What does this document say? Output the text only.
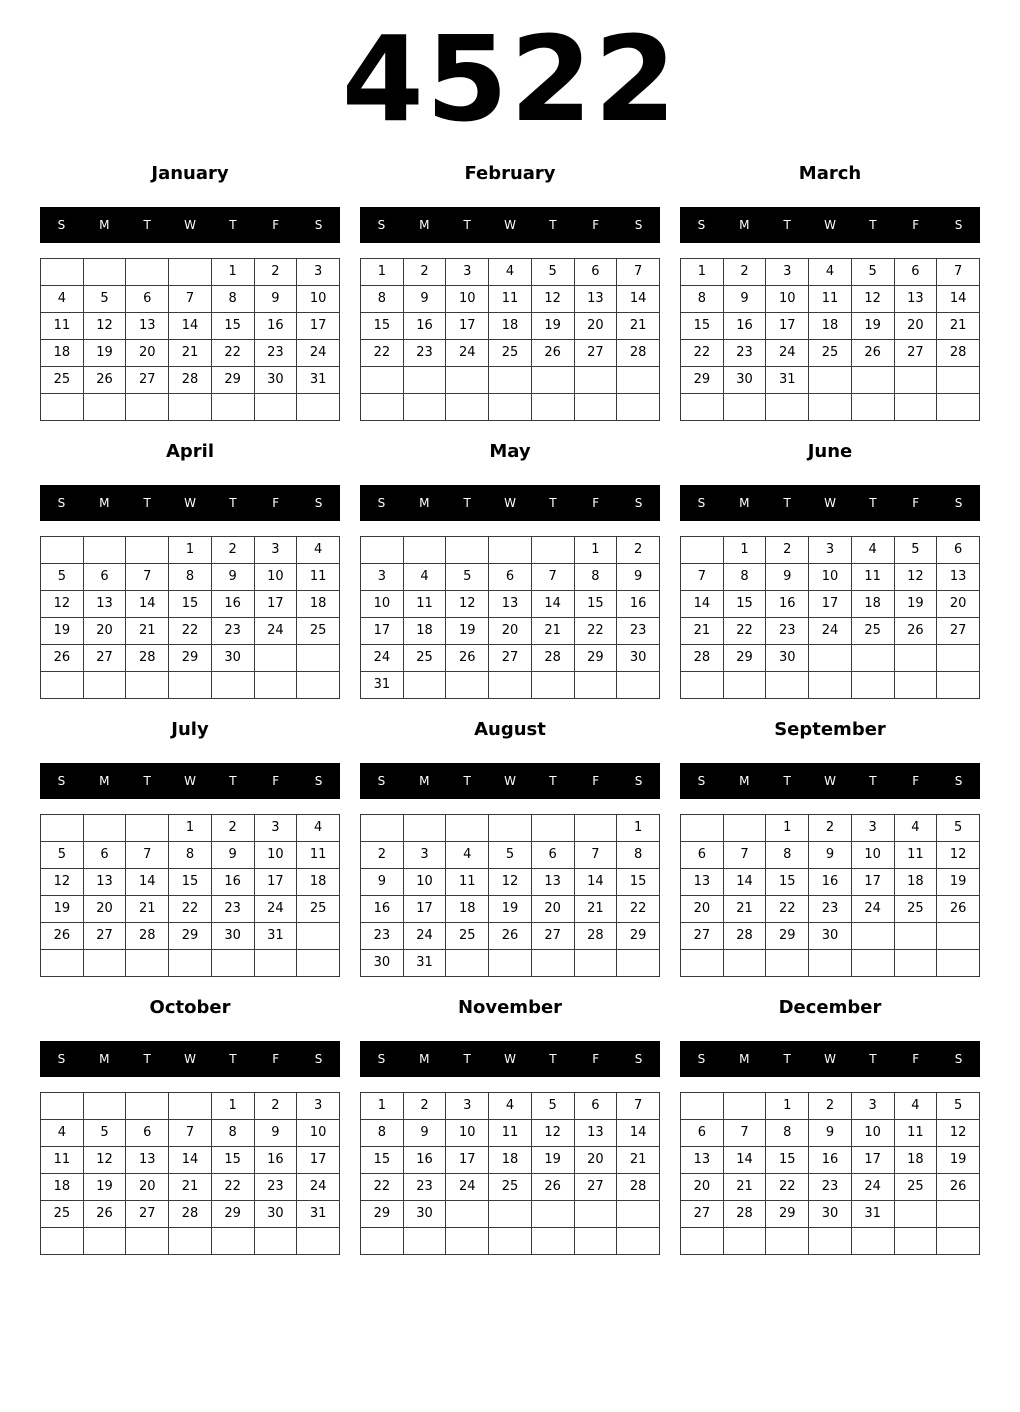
4522
January
S	M	T	W	T	F	S
				1	2	3
4	5	6	7	8	9	10
11	12	13	14	15	16	17
18	19	20	21	22	23	24
25	26	27	28	29	30	31

February
S	M	T	W	T	F	S
1	2	3	4	5	6	7
8	9	10	11	12	13	14
15	16	17	18	19	20	21
22	23	24	25	26	27	28

March
S	M	T	W	T	F	S
1	2	3	4	5	6	7
8	9	10	11	12	13	14
15	16	17	18	19	20	21
22	23	24	25	26	27	28
29	30	31				

April
S	M	T	W	T	F	S
			1	2	3	4
5	6	7	8	9	10	11
12	13	14	15	16	17	18
19	20	21	22	23	24	25
26	27	28	29	30		

May
S	M	T	W	T	F	S
					1	2
3	4	5	6	7	8	9
10	11	12	13	14	15	16
17	18	19	20	21	22	23
24	25	26	27	28	29	30
31						
June
S	M	T	W	T	F	S
	1	2	3	4	5	6
7	8	9	10	11	12	13
14	15	16	17	18	19	20
21	22	23	24	25	26	27
28	29	30				

July
S	M	T	W	T	F	S
			1	2	3	4
5	6	7	8	9	10	11
12	13	14	15	16	17	18
19	20	21	22	23	24	25
26	27	28	29	30	31	

August
S	M	T	W	T	F	S
						1
2	3	4	5	6	7	8
9	10	11	12	13	14	15
16	17	18	19	20	21	22
23	24	25	26	27	28	29
30	31					
September
S	M	T	W	T	F	S
		1	2	3	4	5
6	7	8	9	10	11	12
13	14	15	16	17	18	19
20	21	22	23	24	25	26
27	28	29	30			

October
S	M	T	W	T	F	S
				1	2	3
4	5	6	7	8	9	10
11	12	13	14	15	16	17
18	19	20	21	22	23	24
25	26	27	28	29	30	31

November
S	M	T	W	T	F	S
1	2	3	4	5	6	7
8	9	10	11	12	13	14
15	16	17	18	19	20	21
22	23	24	25	26	27	28
29	30					

December
S	M	T	W	T	F	S
		1	2	3	4	5
6	7	8	9	10	11	12
13	14	15	16	17	18	19
20	21	22	23	24	25	26
27	28	29	30	31		
